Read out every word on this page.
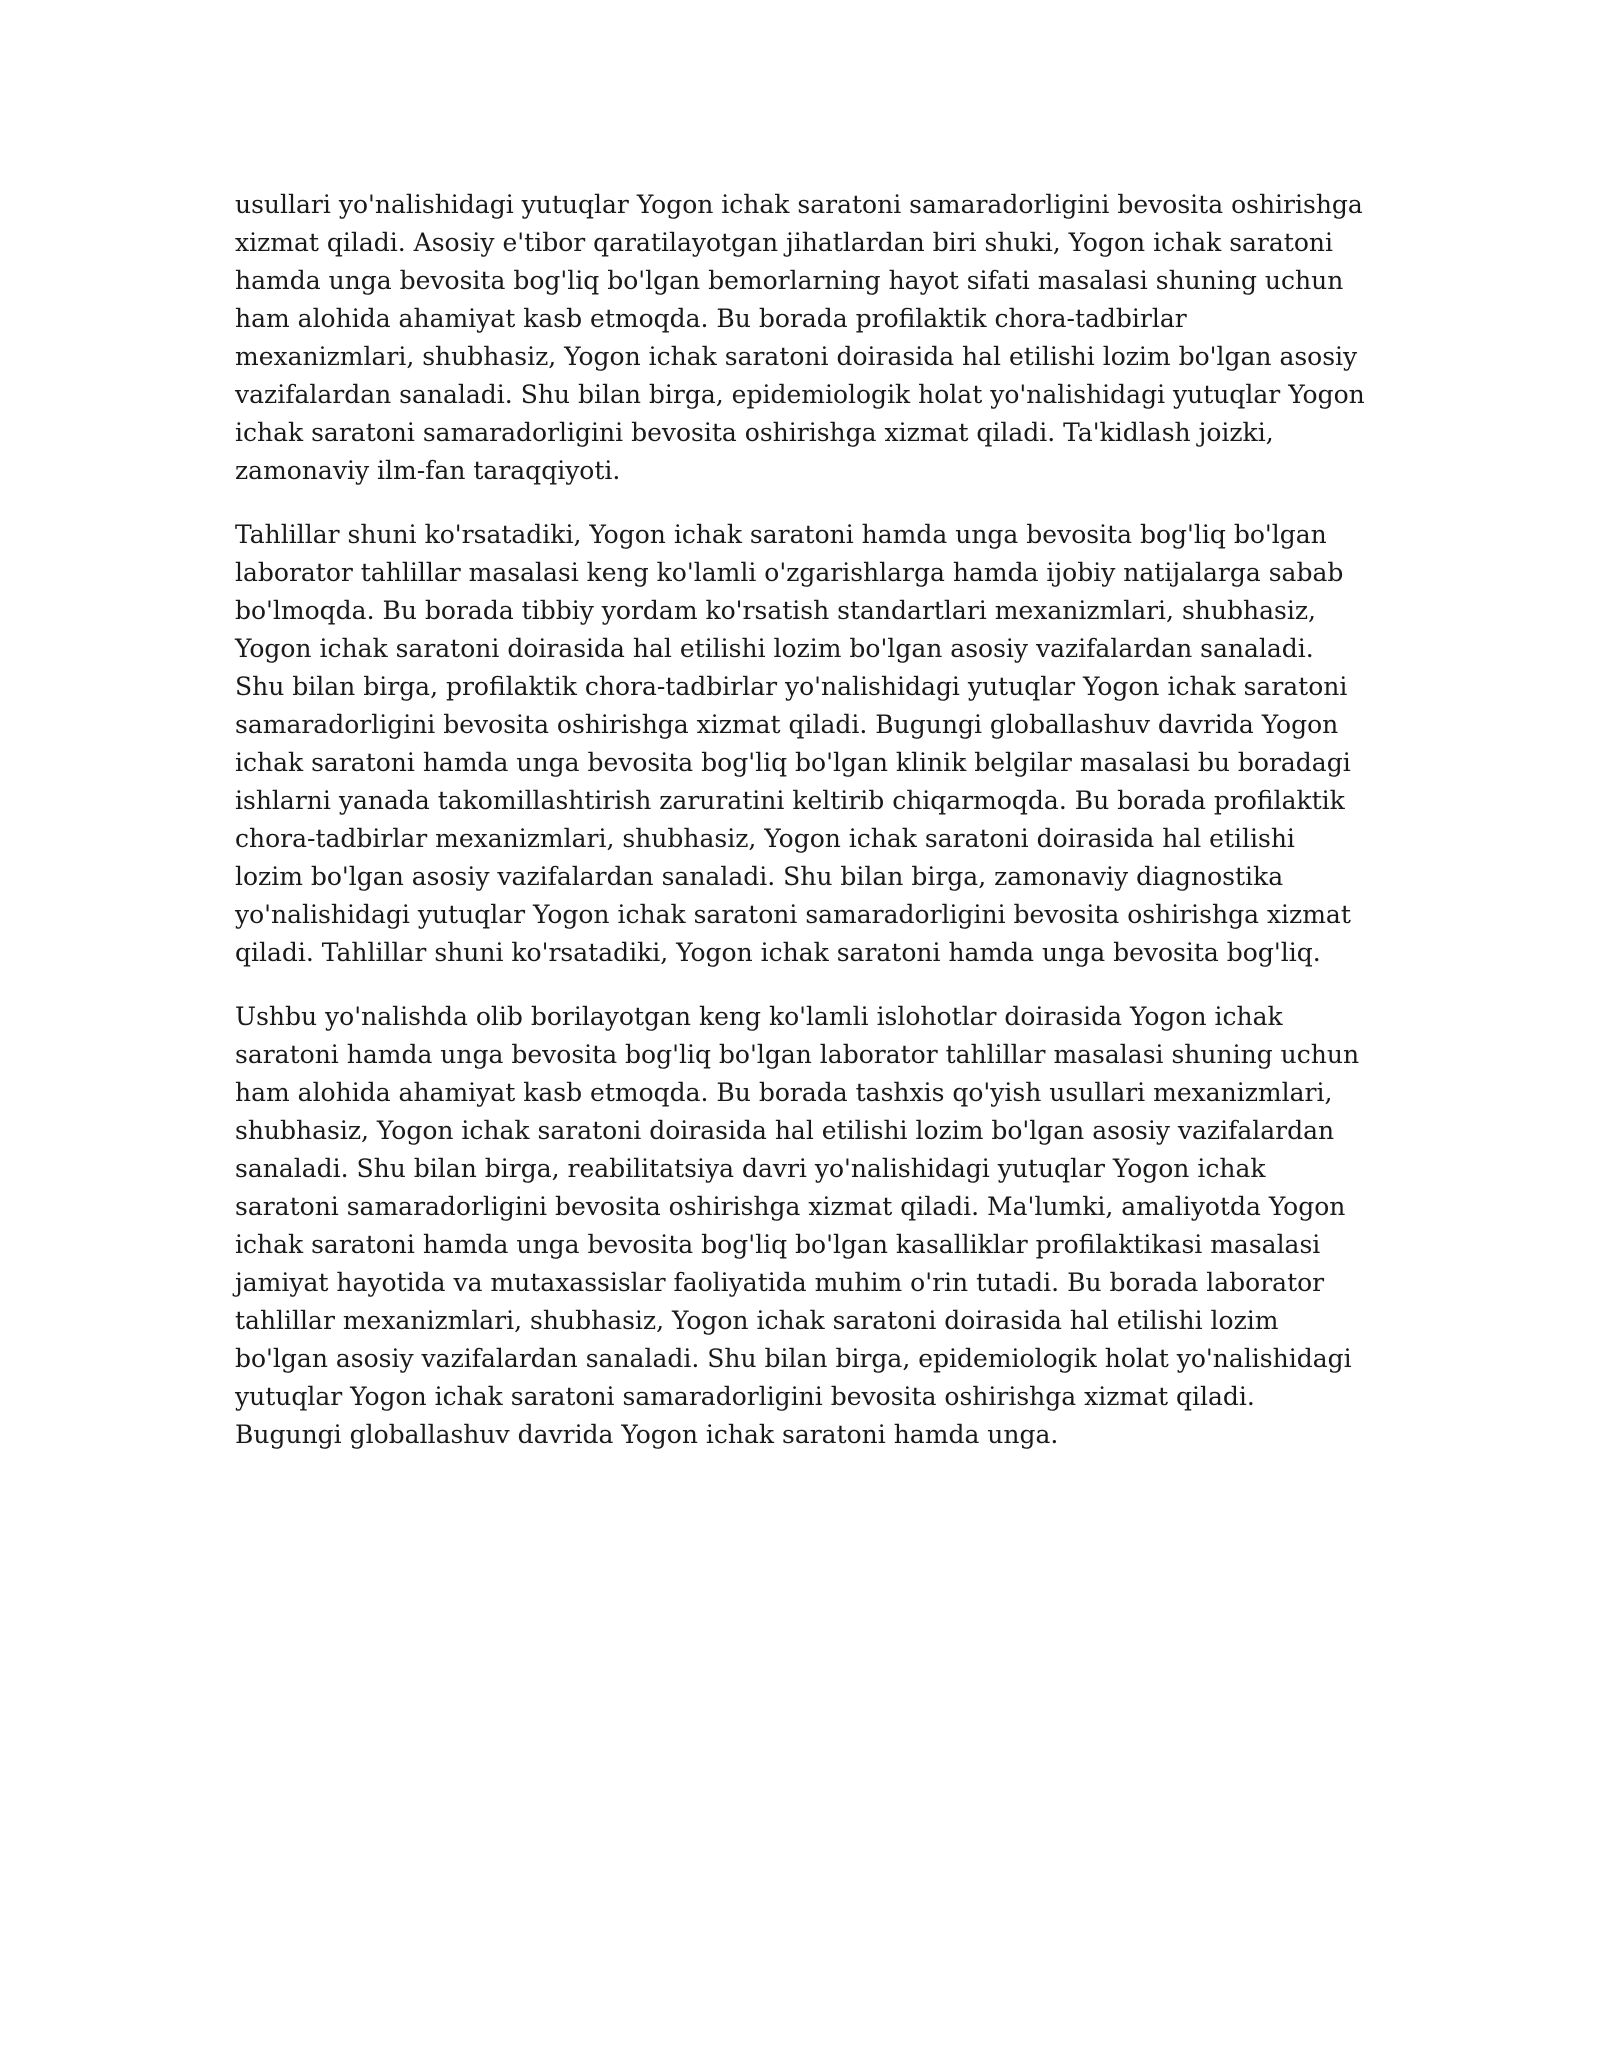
usullari yo'nalishidagi yutuqlar Yogon ichak saratoni samaradorligini bevosita oshirishga xizmat qiladi. Asosiy e'tibor qaratilayotgan jihatlardan biri shuki, Yogon ichak saratoni hamda unga bevosita bog'liq bo'lgan bemorlarning hayot sifati masalasi shuning uchun ham alohida ahamiyat kasb etmoqda. Bu borada profilaktik chora-tadbirlar mexanizmlari, shubhasiz, Yogon ichak saratoni doirasida hal etilishi lozim bo'lgan asosiy vazifalardan sanaladi. Shu bilan birga, epidemiologik holat yo'nalishidagi yutuqlar Yogon ichak saratoni samaradorligini bevosita oshirishga xizmat qiladi. Ta'kidlash joizki, zamonaviy ilm-fan taraqqiyoti.

Tahlillar shuni ko'rsatadiki, Yogon ichak saratoni hamda unga bevosita bog'liq bo'lgan laborator tahlillar masalasi keng ko'lamli o'zgarishlarga hamda ijobiy natijalarga sabab bo'lmoqda. Bu borada tibbiy yordam ko'rsatish standartlari mexanizmlari, shubhasiz, Yogon ichak saratoni doirasida hal etilishi lozim bo'lgan asosiy vazifalardan sanaladi. Shu bilan birga, profilaktik chora-tadbirlar yo'nalishidagi yutuqlar Yogon ichak saratoni samaradorligini bevosita oshirishga xizmat qiladi. Bugungi globallashuv davrida Yogon ichak saratoni hamda unga bevosita bog'liq bo'lgan klinik belgilar masalasi bu boradagi ishlarni yanada takomillashtirish zaruratini keltirib chiqarmoqda. Bu borada profilaktik chora-tadbirlar mexanizmlari, shubhasiz, Yogon ichak saratoni doirasida hal etilishi lozim bo'lgan asosiy vazifalardan sanaladi. Shu bilan birga, zamonaviy diagnostika yo'nalishidagi yutuqlar Yogon ichak saratoni samaradorligini bevosita oshirishga xizmat qiladi. Tahlillar shuni ko'rsatadiki, Yogon ichak saratoni hamda unga bevosita bog'liq.

Ushbu yo'nalishda olib borilayotgan keng ko'lamli islohotlar doirasida Yogon ichak saratoni hamda unga bevosita bog'liq bo'lgan laborator tahlillar masalasi shuning uchun ham alohida ahamiyat kasb etmoqda. Bu borada tashxis qo'yish usullari mexanizmlari, shubhasiz, Yogon ichak saratoni doirasida hal etilishi lozim bo'lgan asosiy vazifalardan sanaladi. Shu bilan birga, reabilitatsiya davri yo'nalishidagi yutuqlar Yogon ichak saratoni samaradorligini bevosita oshirishga xizmat qiladi. Ma'lumki, amaliyotda Yogon ichak saratoni hamda unga bevosita bog'liq bo'lgan kasalliklar profilaktikasi masalasi jamiyat hayotida va mutaxassislar faoliyatida muhim o'rin tutadi. Bu borada laborator tahlillar mexanizmlari, shubhasiz, Yogon ichak saratoni doirasida hal etilishi lozim bo'lgan asosiy vazifalardan sanaladi. Shu bilan birga, epidemiologik holat yo'nalishidagi yutuqlar Yogon ichak saratoni samaradorligini bevosita oshirishga xizmat qiladi. Bugungi globallashuv davrida Yogon ichak saratoni hamda unga.
